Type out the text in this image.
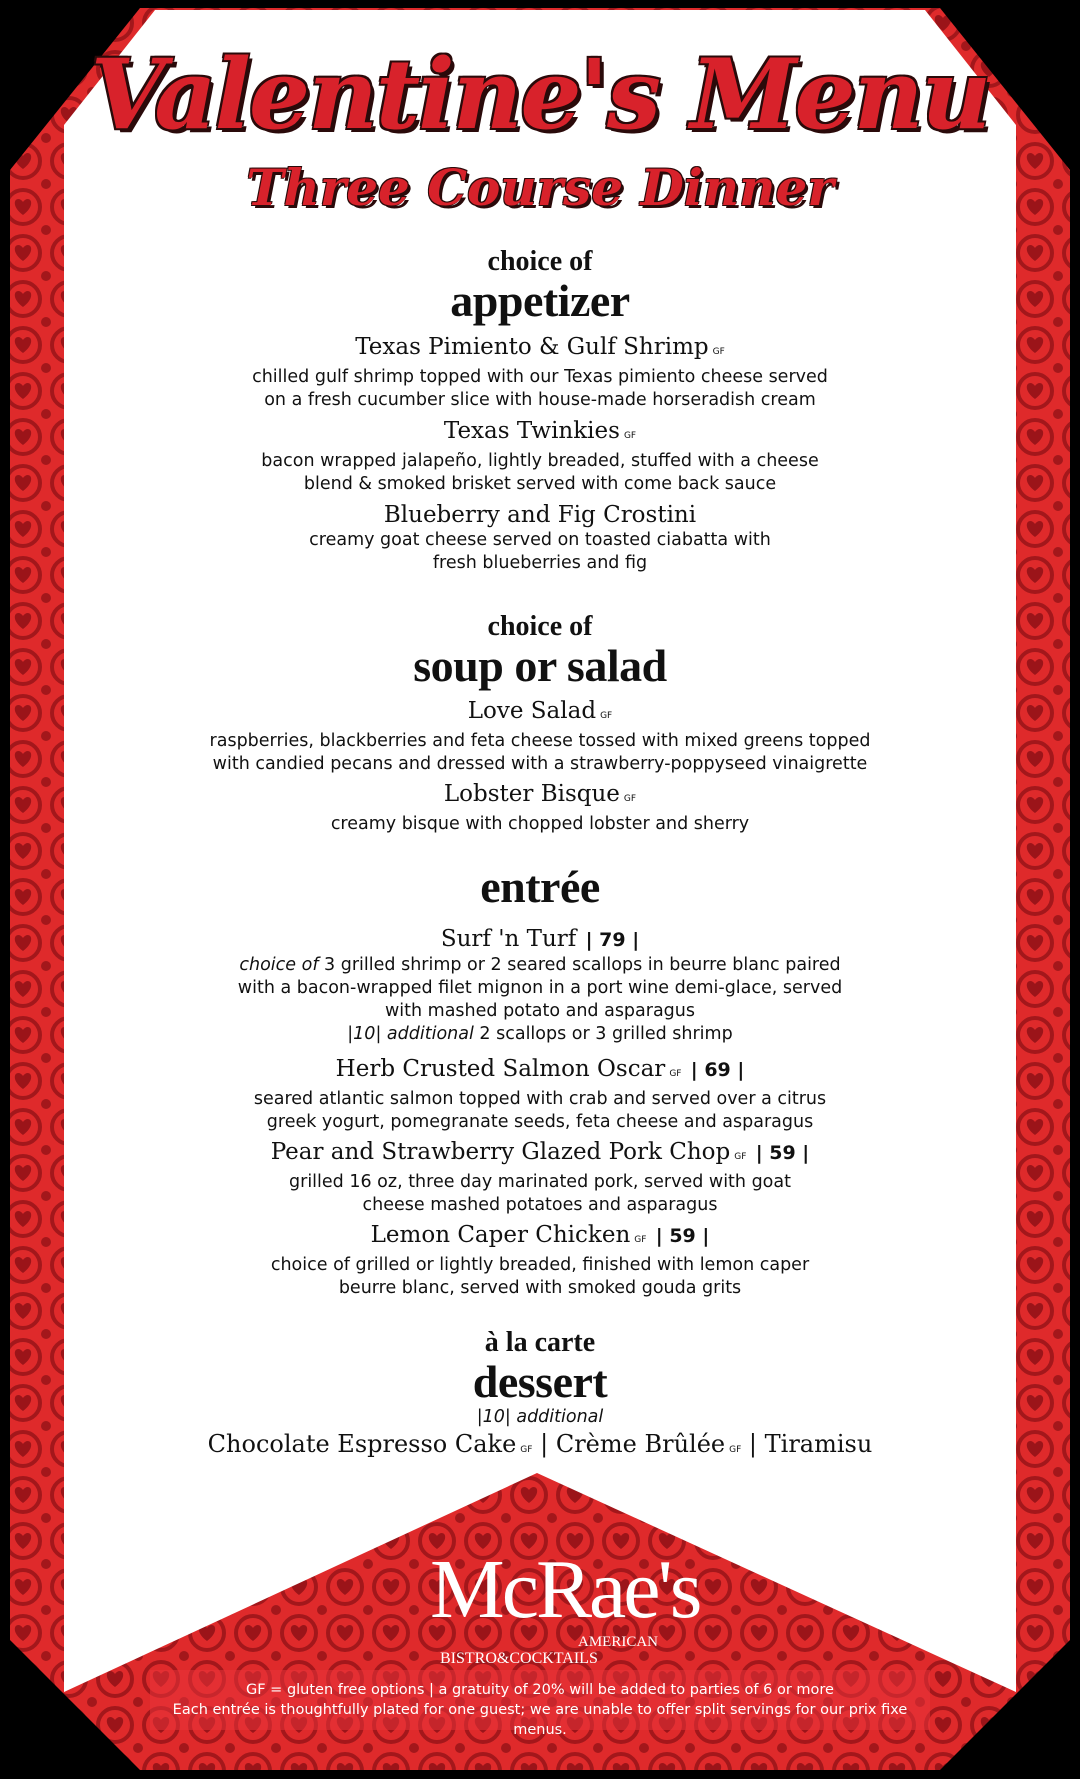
Valentine's Menu
Three Course Dinner
choice of
appetizer
Texas Pimiento & Gulf Shrimp GF

chilled gulf shrimp topped with our Texas pimiento cheese served

on a fresh cucumber slice with house-made horseradish cream

Texas Twinkies GF

bacon wrapped jalapeño, lightly breaded, stuffed with a cheese

blend & smoked brisket served with come back sauce

Blueberry and Fig Crostini

creamy goat cheese served on toasted ciabatta with

fresh blueberries and fig

choice of
soup or salad
Love Salad GF

raspberries, blackberries and feta cheese tossed with mixed greens topped

with candied pecans and dressed with a strawberry-poppyseed vinaigrette

Lobster Bisque GF

creamy bisque with chopped lobster and sherry

entrée
Surf 'n Turf | 79 |

choice of 3 grilled shrimp or 2 seared scallops in beurre blanc paired

with a bacon-wrapped filet mignon in a port wine demi-glace, served

with mashed potato and asparagus

|10| additional 2 scallops or 3 grilled shrimp

Herb Crusted Salmon Oscar GF | 69 |

seared atlantic salmon topped with crab and served over a citrus

greek yogurt, pomegranate seeds, feta cheese and asparagus

Pear and Strawberry Glazed Pork Chop GF | 59 |

grilled 16 oz, three day marinated pork, served with goat

cheese mashed potatoes and asparagus

Lemon Caper Chicken GF | 59 |

choice of grilled or lightly breaded, finished with lemon caper

beurre blanc, served with smoked gouda grits

à la carte
dessert
|10| additional
Chocolate Espresso Cake GF | Crème Brûlée GF | Tiramisu
McRae's
AMERICAN
BISTRO&COCKTAILS

GF = gluten free options | a gratuity of 20% will be added to parties of 6 or more

Each entrée is thoughtfully plated for one guest; we are unable to offer split servings for our prix fixe menus.
